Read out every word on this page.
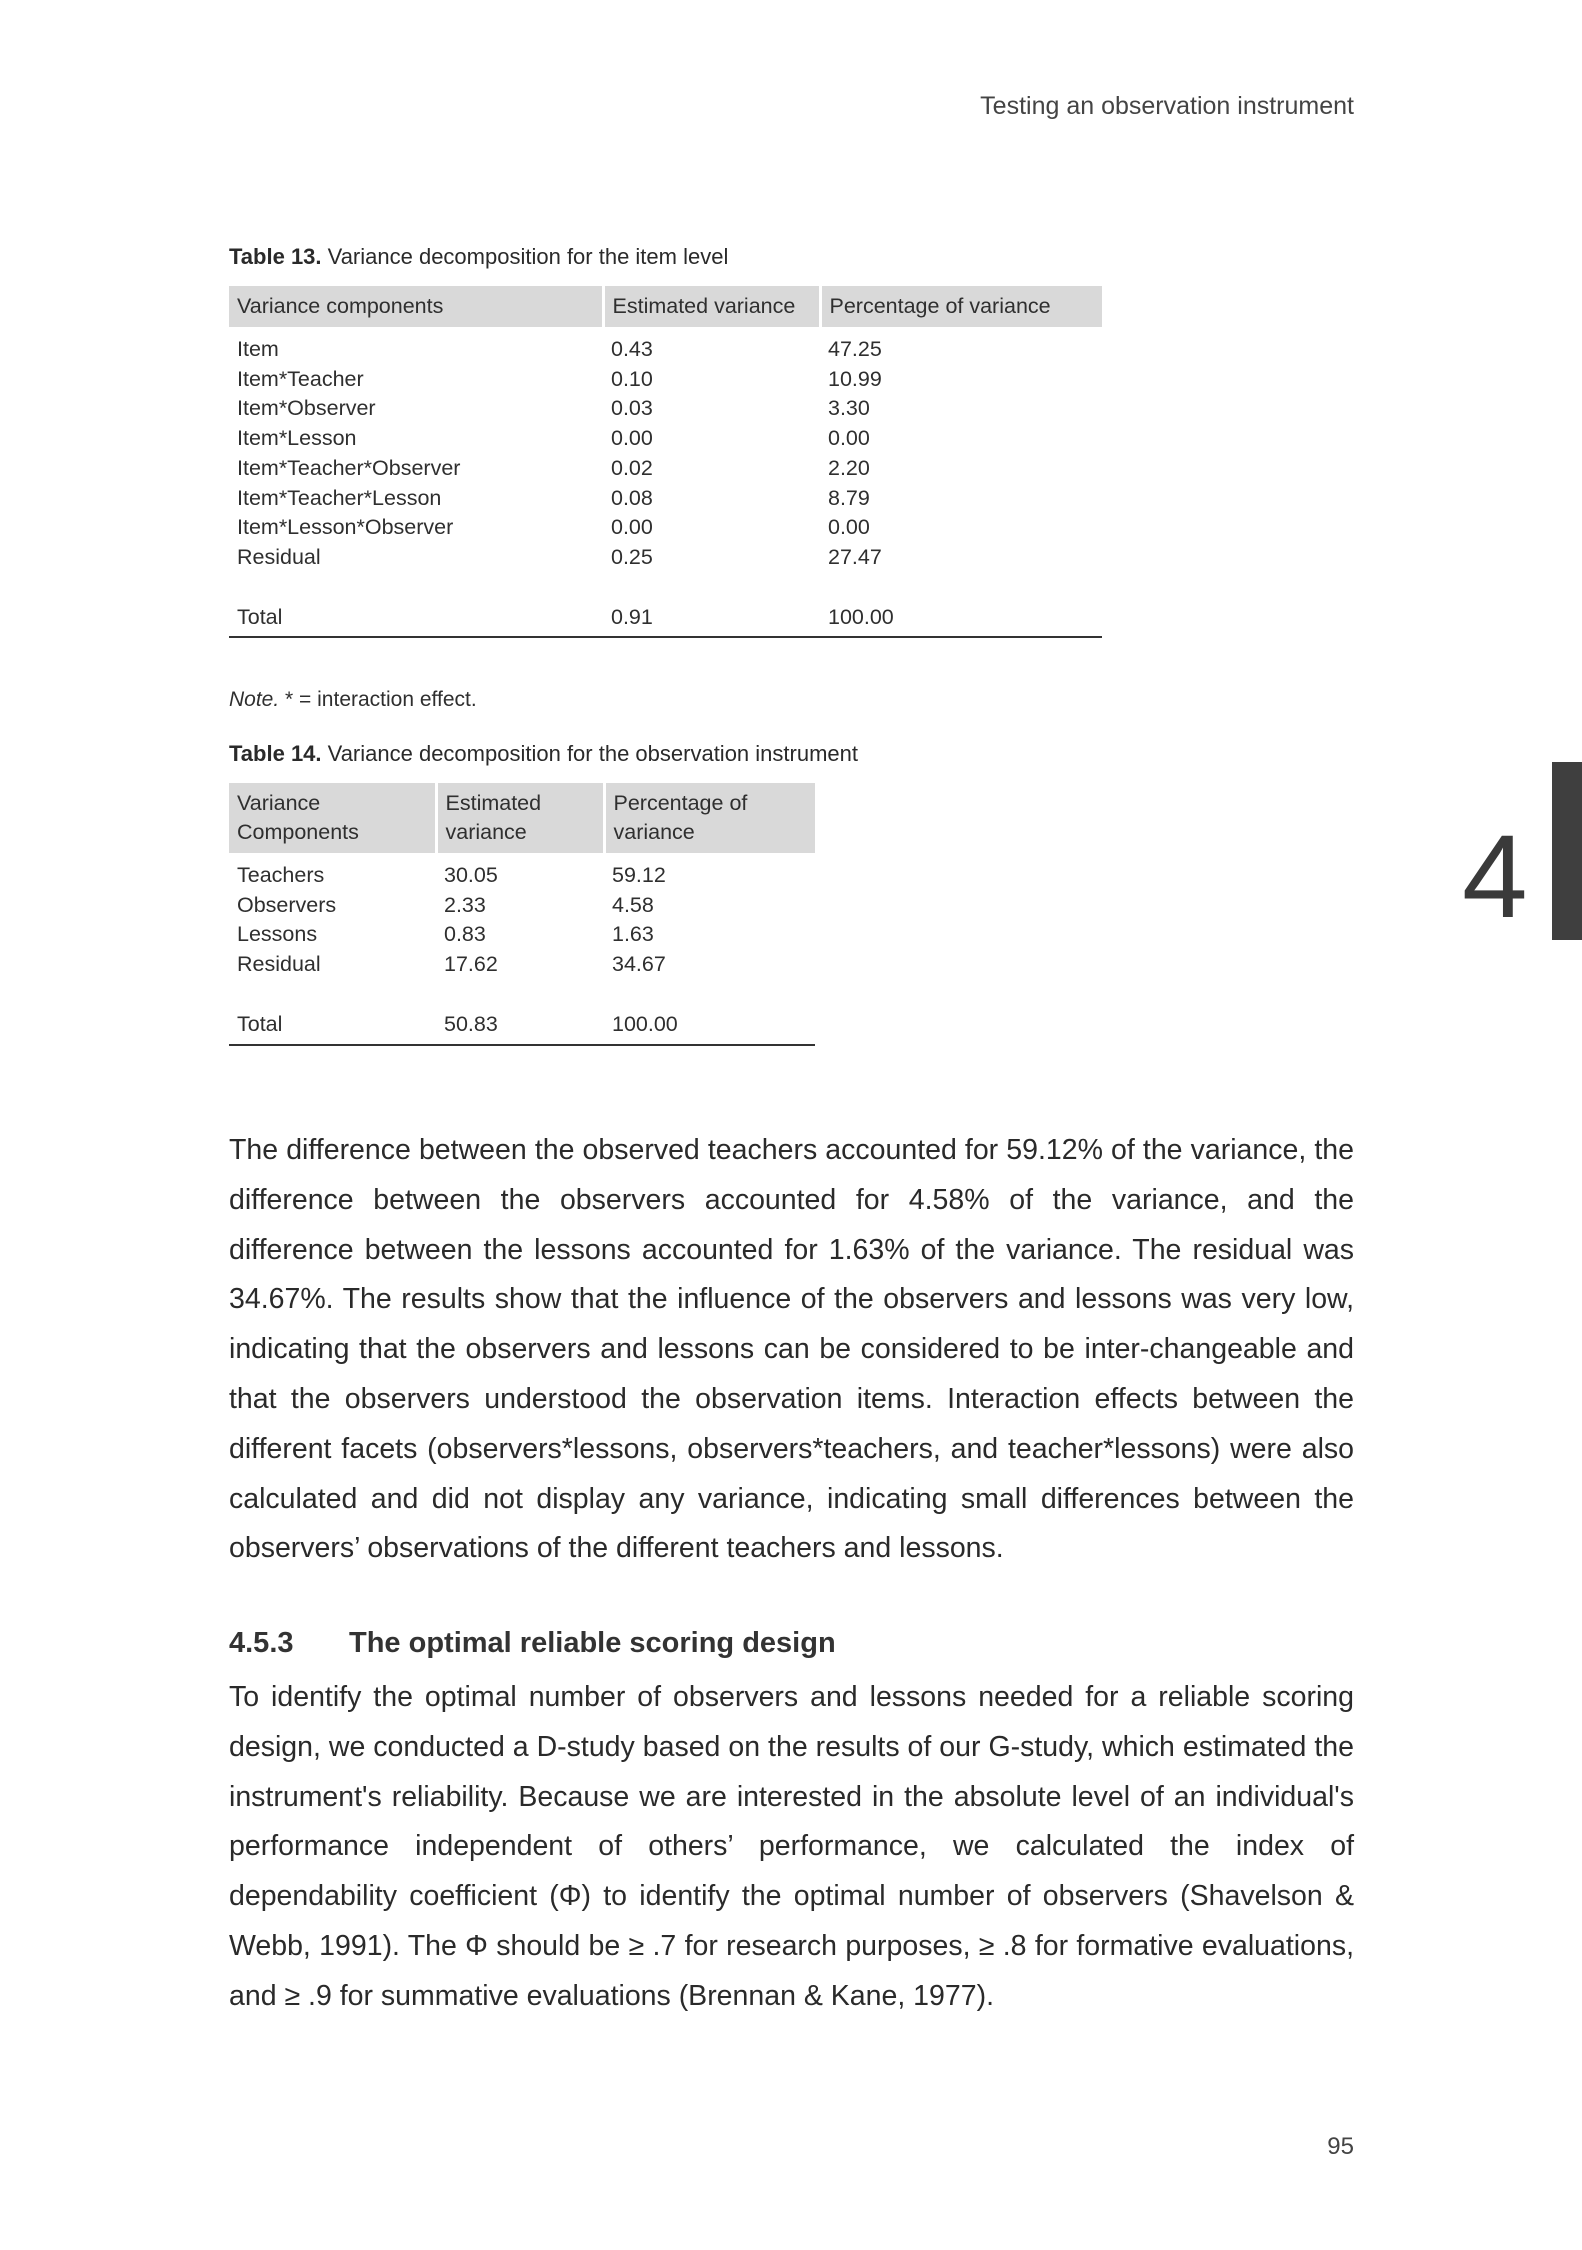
Testing an observation instrument
4
Table 13. Variance decomposition for the item level
Variance components	Estimated variance	Percentage of variance
Item	0.43	47.25
Item*Teacher	0.10	10.99
Item*Observer	0.03	3.30
Item*Lesson	0.00	0.00
Item*Teacher*Observer	0.02	2.20
Item*Teacher*Lesson	0.08	8.79
Item*Lesson*Observer	0.00	0.00
Residual	0.25	27.47
Total	0.91	100.00
Note. * = interaction effect.
Table 14. Variance decomposition for the observation instrument
Variance Components	Estimated variance	Percentage of variance
Teachers	30.05	59.12
Observers	2.33	4.58
Lessons	0.83	1.63
Residual	17.62	34.67
Total	50.83	100.00

The difference between the observed teachers accounted for 59.12% of the variance, the difference between the observers accounted for 4.58% of the variance, and the difference between the lessons accounted for 1.63% of the variance. The residual was 34.67%. The results show that the influence of the observers and lessons was very low, indicating that the observers and lessons can be considered to be inter-changeable and that the observers understood the observation items. Interaction effects between the different facets (observers*lessons, observers*teachers, and teacher*lessons) were also calculated and did not display any variance, indicating small differences between the observers’ observations of the different teachers and lessons.

4.5.3 The optimal reliable scoring design

To identify the optimal number of observers and lessons needed for a reliable scoring design, we conducted a D-study based on the results of our G-study, which estimated the instrument's reliability. Because we are interested in the absolute level of an individual's performance independent of others’ performance, we calculated the index of dependability coefficient (Φ) to identify the optimal number of observers (Shavelson & Webb, 1991). The Φ should be ≥ .7 for research purposes, ≥ .8 for formative evaluations, and ≥ .9 for summative evaluations (Brennan & Kane, 1977).

95
